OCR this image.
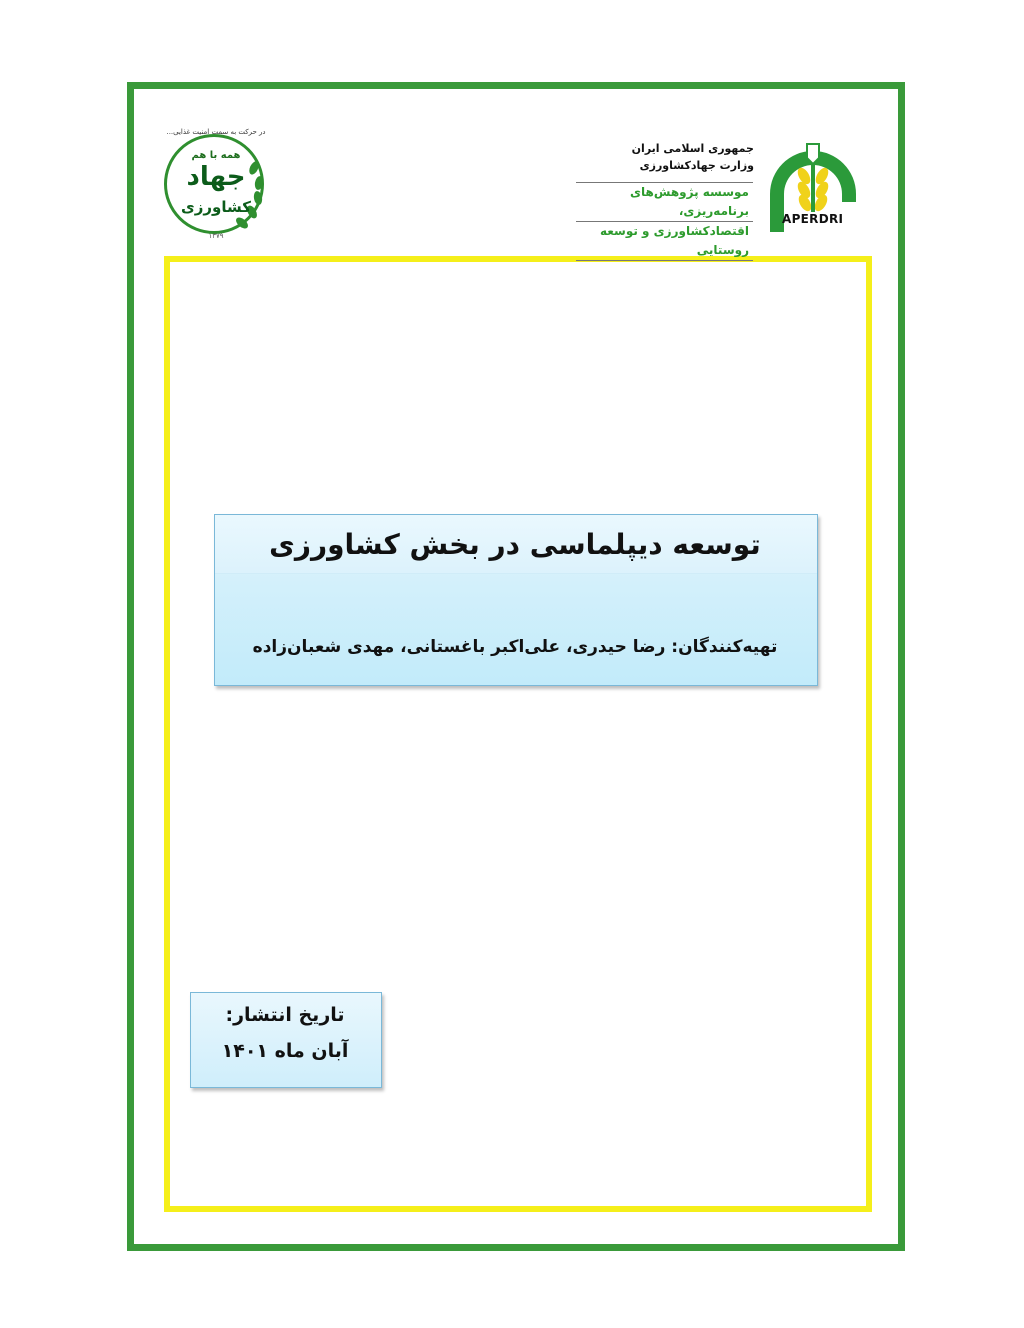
در حرکت به سمت امنیت غذایی...
همه با هم
جهاد
کشاورزی
۱۳۷۹
جمهوری اسلامی ایران
وزارت جهادکشاورزی
موسسه پژوهش‌های برنامه‌ریزی،
اقتصادکشاورزی و توسعه روستایی
APERDRI
توسعه دیپلماسی در بخش کشاورزی
تهیه‌کنندگان: رضا حیدری، علی‌اکبر باغستانی، مهدی شعبان‌زاده
تاریخ انتشار:
آبان ماه ۱۴۰۱
